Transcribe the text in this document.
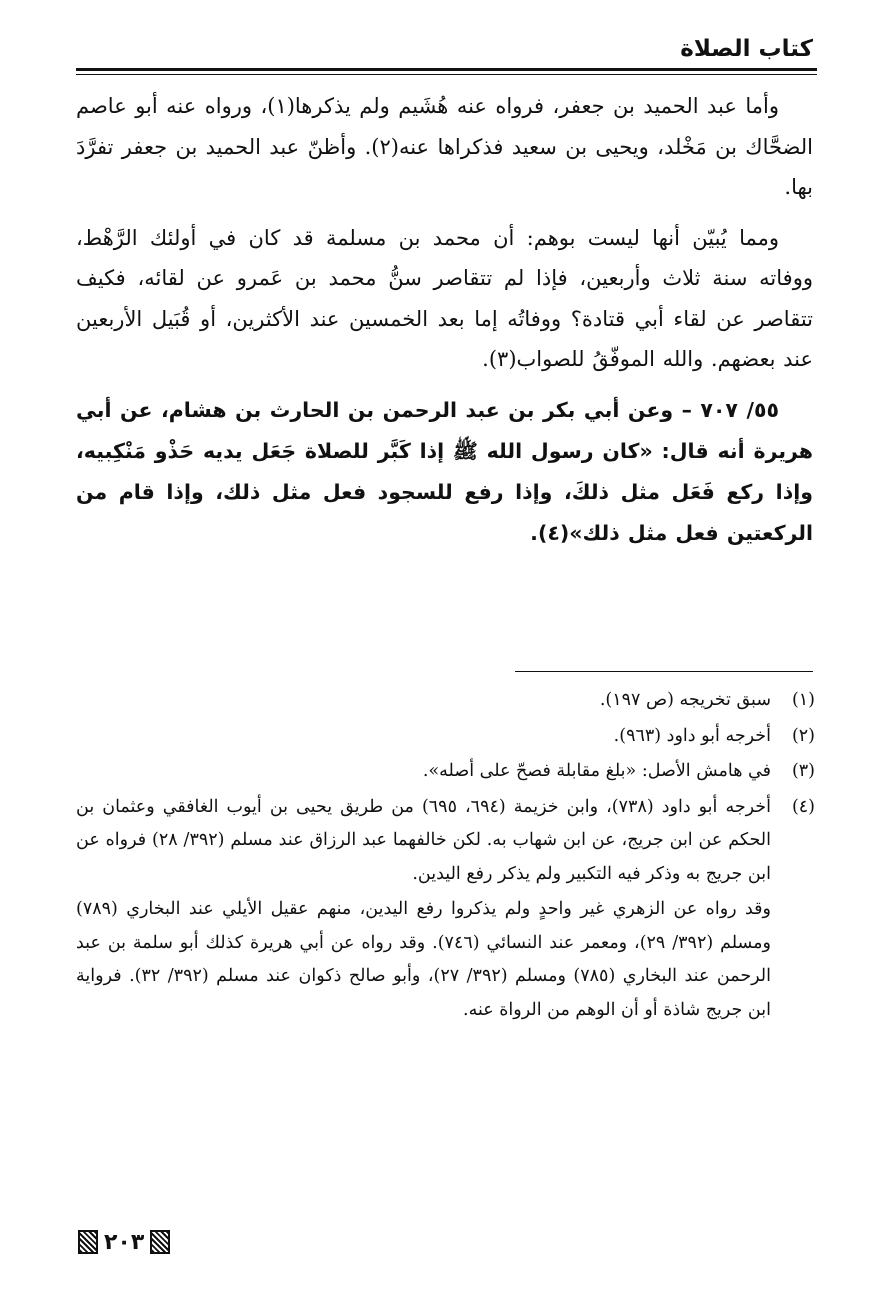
كتاب الصلاة

وأما عبد الحميد بن جعفر، فرواه عنه هُشَيم ولم يذكرها(١)، ورواه عنه أبو عاصم الضحَّاك بن مَخْلد، ويحيى بن سعيد فذكراها عنه(٢). وأظنّ عبد الحميد بن جعفر تفرَّدَ بها.

ومما يُبيّن أنها ليست بوهم: أن محمد بن مسلمة قد كان في أولئك الرَّهْط، ووفاته سنة ثلاث وأربعين، فإذا لم تتقاصر سنُّ محمد بن عَمرو عن لقائه، فكيف تتقاصر عن لقاء أبي قتادة؟ ووفاتُه إما بعد الخمسين عند الأكثرين، أو قُبَيل الأربعين عند بعضهم. والله الموفّقُ للصواب(٣).

٥٥/ ٧٠٧ – وعن أبي بكر بن عبد الرحمن بن الحارث بن هشام، عن أبي هريرة أنه قال: «كان رسول الله ﷺ إذا كَبَّر للصلاة جَعَل يديه حَذْو مَنْكِبيه، وإذا ركع فَعَل مثل ذلكَ، وإذا رفع للسجود فعل مثل ذلك، وإذا قام من الركعتين فعل مثل ذلك»(٤).

(١)
سبق تخريجه (ص ١٩٧).
(٢)
أخرجه أبو داود (٩٦٣).
(٣)
في هامش الأصل: «بلغ مقابلة فصحّ على أصله».
(٤)
أخرجه أبو داود (٧٣٨)، وابن خزيمة (٦٩٤، ٦٩٥) من طريق يحيى بن أيوب الغافقي وعثمان بن الحكم عن ابن جريج، عن ابن شهاب به. لكن خالفهما عبد الرزاق عند مسلم (٣٩٢/ ٢٨) فرواه عن ابن جريج به وذكر فيه التكبير ولم يذكر رفع اليدين.
وقد رواه عن الزهري غير واحدٍ ولم يذكروا رفع اليدين، منهم عقيل الأيلي عند البخاري (٧٨٩) ومسلم (٣٩٢/ ٢٩)، ومعمر عند النسائي (٧٤٦). وقد رواه عن أبي هريرة كذلك أبو سلمة بن عبد الرحمن عند البخاري (٧٨٥) ومسلم (٣٩٢/ ٢٧)، وأبو صالح ذكوان عند مسلم (٣٩٢/ ٣٢). فرواية ابن جريج شاذة أو أن الوهم من الرواة عنه.
٢٠٣
